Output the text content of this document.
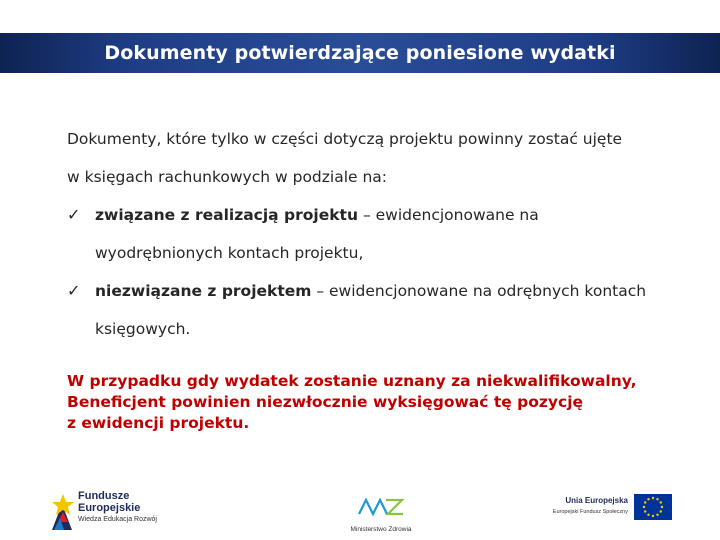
Dokumenty potwierdzające poniesione wydatki

Dokumenty, które tylko w części dotyczą projektu powinny zostać ujęte

w księgach rachunkowych w podziale na:

✓ związane z realizacją projektu – ewidencjonowane na
wyodrębnionych kontach projektu,
✓ niezwiązane z projektem – ewidencjonowane na odrębnych kontach
księgowych.
W przypadku gdy wydatek zostanie uznany za niekwalifikowalny,
Beneficjent powinien niezwłocznie wyksięgować tę pozycję
z ewidencji projektu.
Fundusze
Europejskie
Wiedza Edukacja Rozwój
Ministerstwo Zdrowia
Unia Europejska
Europejski Fundusz Społeczny
